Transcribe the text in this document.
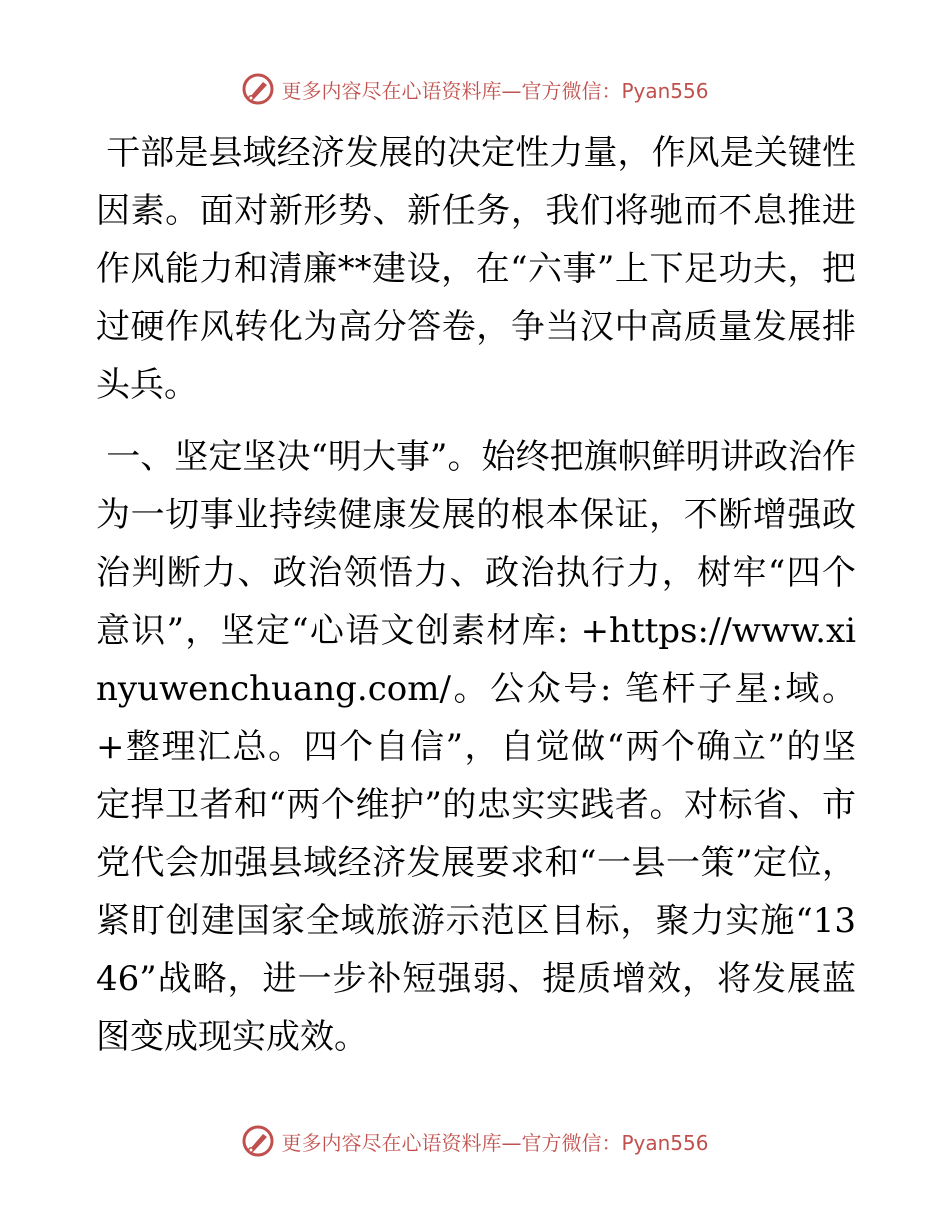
更多内容尽在心语资料库—官方微信：Pyan556

干部是县域经济发展的决定性力量，作风是关键性因素。面对新形势、新任务，我们将驰而不息推进作风能力和清廉**建设，在“六事”上下足功夫，把过硬作风转化为高分答卷，争当汉中高质量发展排头兵。

一、坚定坚决“明大事”。始终把旗帜鲜明讲政治作为一切事业持续健康发展的根本保证，不断增强政治判断力、政治领悟力、政治执行力，树牢“四个意识”，坚定“心语文创素材库: +https://www.xinyuwenchuang.com/。公众号: 笔杆子星:域。+整理汇总。四个自信”，自觉做“两个确立”的坚定捍卫者和“两个维护”的忠实实践者。对标省、市党代会加强县域经济发展要求和“一县一策”定位，紧盯创建国家全域旅游示范区目标，聚力实施“1346”战略，进一步补短强弱、提质增效，将发展蓝图变成现实成效。

更多内容尽在心语资料库—官方微信：Pyan556
